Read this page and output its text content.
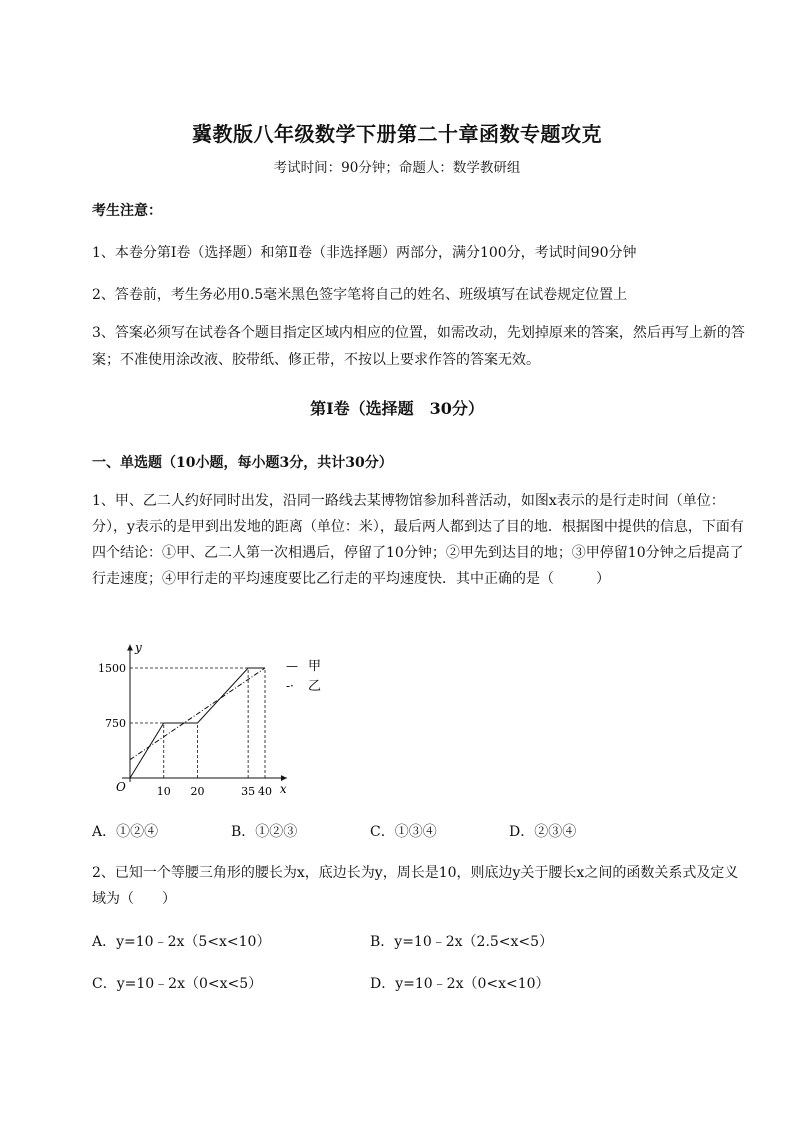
冀教版八年级数学下册第二十章函数专题攻克
考试时间：90分钟；命题人：数学教研组
考生注意：
1、本卷分第I卷（选择题）和第Ⅱ卷（非选择题）两部分，满分100分，考试时间90分钟
2、答卷前，考生务必用0.5毫米黑色签字笔将自己的姓名、班级填写在试卷规定位置上
3、答案必须写在试卷各个题目指定区域内相应的位置，如需改动，先划掉原来的答案，然后再写上新的答案；不准使用涂改液、胶带纸、修正带，不按以上要求作答的答案无效。
第I卷（选择题　30分）
一、单选题（10小题，每小题3分，共计30分）
1、甲、乙二人约好同时出发，沿同一路线去某博物馆参加科普活动，如图x表示的是行走时间（单位：分），y表示的是甲到出发地的距离（单位：米），最后两人都到达了目的地．根据图中提供的信息，下面有四个结论：①甲、乙二人第一次相遇后，停留了10分钟；②甲先到达目的地；③甲停留10分钟之后提高了行走速度；④甲行走的平均速度要比乙行走的平均速度快．其中正确的是（　　　）
x
y
O	10 20	35 40
750
1500	— 甲
-· 乙
A．①②④	B．①②③	C．①③④	D．②③④
2、已知一个等腰三角形的腰长为x，底边长为y，周长是10，则底边y关于腰长x之间的函数关系式及定义域为（　　）
A．y=10﹣2x（5<x<10）	B．y=10﹣2x（2.5<x<5）
C．y=10﹣2x（0<x<5）	D．y=10﹣2x（0<x<10）
